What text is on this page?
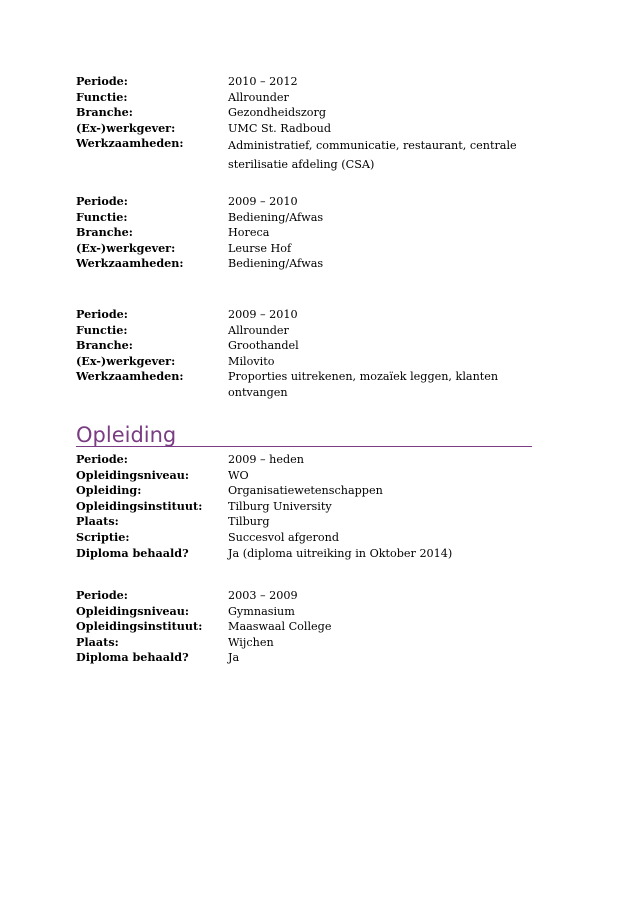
Periode:	2010 – 2012
Functie:	Allrounder
Branche:	Gezondheidszorg
(Ex-)werkgever:	UMC St. Radboud
Werkzaamheden:	Administratief, communicatie, restaurant, centrale sterilisatie afdeling (CSA)
Periode:	2009 – 2010
Functie:	Bediening/Afwas
Branche:	Horeca
(Ex-)werkgever:	Leurse Hof
Werkzaamheden:	Bediening/Afwas
Periode:	2009 – 2010
Functie:	Allrounder
Branche:	Groothandel
(Ex-)werkgever:	Milovito
Werkzaamheden:	Proporties uitrekenen, mozaïek leggen, klanten ontvangen
Opleiding
Periode:	2009 – heden
Opleidingsniveau:	WO
Opleiding:	Organisatiewetenschappen
Opleidingsinstituut:	Tilburg University
Plaats:	Tilburg
Scriptie:	Succesvol afgerond
Diploma behaald?	Ja (diploma uitreiking in Oktober 2014)
Periode:	2003 – 2009
Opleidingsniveau:	Gymnasium
Opleidingsinstituut:	Maaswaal College
Plaats:	Wijchen
Diploma behaald?	Ja
